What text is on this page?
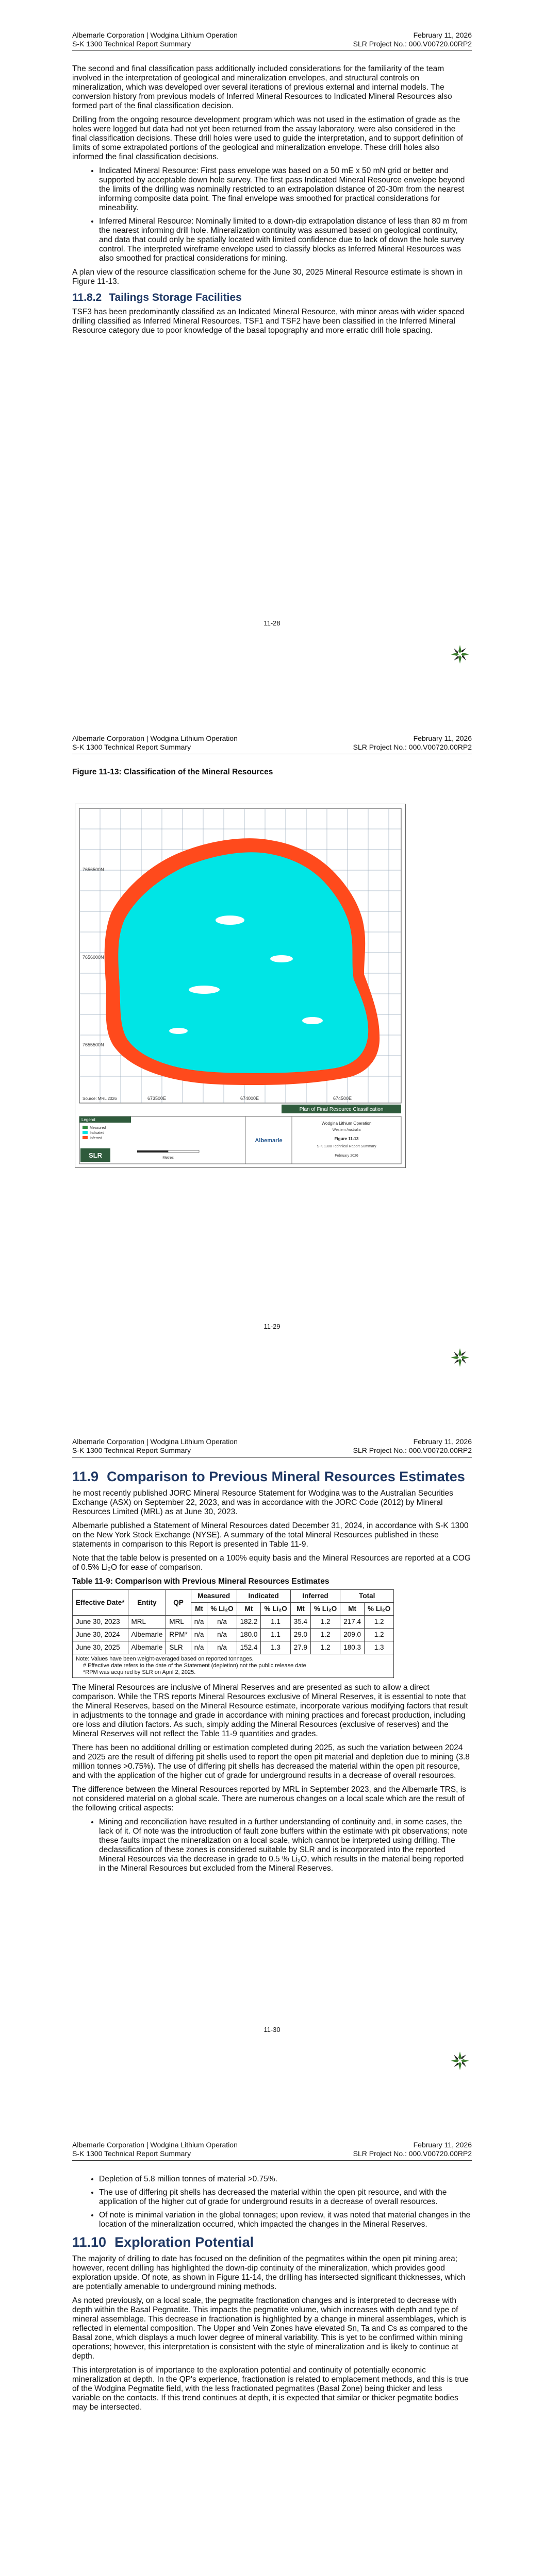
Albemarle Corporation | Wodgina Lithium Operation	February 11, 2026
S-K 1300 Technical Report Summary	SLR Project No.: 000.V00720.00RP2

The second and final classification pass additionally included considerations for the familiarity of the team involved in the interpretation of geological and mineralization envelopes, and structural controls on mineralization, which was developed over several iterations of previous external and internal models. The conversion history from previous models of Inferred Mineral Resources to Indicated Mineral Resources also formed part of the final classification decision.

Drilling from the ongoing resource development program which was not used in the estimation of grade as the holes were logged but data had not yet been returned from the assay laboratory, were also considered in the final classification decisions. These drill holes were used to guide the interpretation, and to support definition of limits of some extrapolated portions of the geological and mineralization envelope. These drill holes also informed the final classification decisions.

• Indicated Mineral Resource: First pass envelope was based on a 50 mE x 50 mN grid or better and supported by acceptable down hole survey. The first pass Indicated Mineral Resource envelope beyond the limits of the drilling was nominally restricted to an extrapolation distance of 20-30m from the nearest informing composite data point. The final envelope was smoothed for practical considerations for mineability.
• Inferred Mineral Resource: Nominally limited to a down-dip extrapolation distance of less than 80 m from the nearest informing drill hole. Mineralization continuity was assumed based on geological continuity, and data that could only be spatially located with limited confidence due to lack of down the hole survey control. The interpreted wireframe envelope used to classify blocks as Inferred Mineral Resources was also smoothed for practical considerations for mining.

A plan view of the resource classification scheme for the June 30, 2025 Mineral Resource estimate is shown in Figure 11-13.

11.8.2 Tailings Storage Facilities

TSF3 has been predominantly classified as an Indicated Mineral Resource, with minor areas with wider spaced drilling classified as Inferred Mineral Resources. TSF1 and TSF2 have been classified in the Inferred Mineral Resource category due to poor knowledge of the basal topography and more erratic drill hole spacing.

11-28
Albemarle Corporation | Wodgina Lithium Operation	February 11, 2026
S-K 1300 Technical Report Summary	SLR Project No.: 000.V00720.00RP2
Figure 11-13: Classification of the Mineral Resources
11-29
7656500N
7656000N
7655500N
673500E	674000E	674500E
Source: MRL 2026
Plan of Final Resource Classification
Legend
Measured
Indicated
Inferred
Metres
SLR
Albemarle
Wodgina Lithium Operation
Western Australia
Figure 11-13
S-K 1300 Technical Report Summary
February 2026
Albemarle Corporation | Wodgina Lithium Operation	February 11, 2026
S-K 1300 Technical Report Summary	SLR Project No.: 000.V00720.00RP2
11.9 Comparison to Previous Mineral Resources Estimates

he most recently published JORC Mineral Resource Statement for Wodgina was to the Australian Securities Exchange (ASX) on September 22, 2023, and was in accordance with the JORC Code (2012) by Mineral Resources Limited (MRL) as at June 30, 2023.

Albemarle published a Statement of Mineral Resources dated December 31, 2024, in accordance with S-K 1300 on the New York Stock Exchange (NYSE). A summary of the total Mineral Resources published in these statements in comparison to this Report is presented in Table 11-9.

Note that the table below is presented on a 100% equity basis and the Mineral Resources are reported at a COG of 0.5% Li₂O for ease of comparison.

Table 11-9: Comparison with Previous Mineral Resources Estimates

Effective Date*	Entity	QP	Measured		Indicated		Inferred		Total	
			Mt	% Li₂O	Mt	% Li₂O	Mt	% Li₂O	Mt	% Li₂O
June 30, 2023	MRL	MRL	n/a	n/a	182.2	1.1	35.4	1.2	217.4	1.2
June 30, 2024	Albemarle	RPM*	n/a	n/a	180.0	1.1	29.0	1.2	209.0	1.2
June 30, 2025	Albemarle	SLR	n/a	n/a	152.4	1.3	27.9	1.2	180.3	1.3

Note: Values have been weight-averaged based on reported tonnages.
# Effective date refers to the date of the Statement (depletion) not the public release date
*RPM was acquired by SLR on April 2, 2025.										

The Mineral Resources are inclusive of Mineral Reserves and are presented as such to allow a direct comparison. While the TRS reports Mineral Resources exclusive of Mineral Reserves, it is essential to note that the Mineral Reserves, based on the Mineral Resource estimate, incorporate various modifying factors that result in adjustments to the tonnage and grade in accordance with mining practices and forecast production, including ore loss and dilution factors. As such, simply adding the Mineral Resources (exclusive of reserves) and the Mineral Reserves will not reflect the Table 11-9 quantities and grades.

There has been no additional drilling or estimation completed during 2025, as such the variation between 2024 and 2025 are the result of differing pit shells used to report the open pit material and depletion due to mining (3.8 million tonnes >0.75%). The use of differing pit shells has decreased the material within the open pit resource, and with the application of the higher cut of grade for underground results in a decrease of overall resources.

The difference between the Mineral Resources reported by MRL in September 2023, and the Albemarle TRS, is not considered material on a global scale. There are numerous changes on a local scale which are the result of the following critical aspects:

• Mining and reconciliation have resulted in a further understanding of continuity and, in some cases, the lack of it. Of note was the introduction of fault zone buffers within the estimate with pit observations; note these faults impact the mineralization on a local scale, which cannot be interpreted using drilling. The declassification of these zones is considered suitable by SLR and is incorporated into the reported Mineral Resources via the decrease in grade to 0.5 % Li₂O, which results in the material being reported in the Mineral Resources but excluded from the Mineral Reserves.
11-30
Albemarle Corporation | Wodgina Lithium Operation	February 11, 2026
S-K 1300 Technical Report Summary	SLR Project No.: 000.V00720.00RP2
• Depletion of 5.8 million tonnes of material >0.75%.
• The use of differing pit shells has decreased the material within the open pit resource, and with the application of the higher cut of grade for underground results in a decrease of overall resources.
• Of note is minimal variation in the global tonnages; upon review, it was noted that material changes in the location of the mineralization occurred, which impacted the changes in the Mineral Reserves.
11.10 Exploration Potential

The majority of drilling to date has focused on the definition of the pegmatites within the open pit mining area; however, recent drilling has highlighted the down-dip continuity of the mineralization, which provides good exploration upside. Of note, as shown in Figure 11-14, the drilling has intersected significant thicknesses, which are potentially amenable to underground mining methods.

As noted previously, on a local scale, the pegmatite fractionation changes and is interpreted to decrease with depth within the Basal Pegmatite. This impacts the pegmatite volume, which increases with depth and type of mineral assemblage. This decrease in fractionation is highlighted by a change in mineral assemblages, which is reflected in elemental composition. The Upper and Vein Zones have elevated Sn, Ta and Cs as compared to the Basal zone, which displays a much lower degree of mineral variability. This is yet to be confirmed within mining operations; however, this interpretation is consistent with the style of mineralization and is likely to continue at depth.

This interpretation is of importance to the exploration potential and continuity of potentially economic mineralization at depth. In the QP's experience, fractionation is related to emplacement methods, and this is true of the Wodgina Pegmatite field, with the less fractionated pegmatites (Basal Zone) being thicker and less variable on the contacts. If this trend continues at depth, it is expected that similar or thicker pegmatite bodies may be intersected.
